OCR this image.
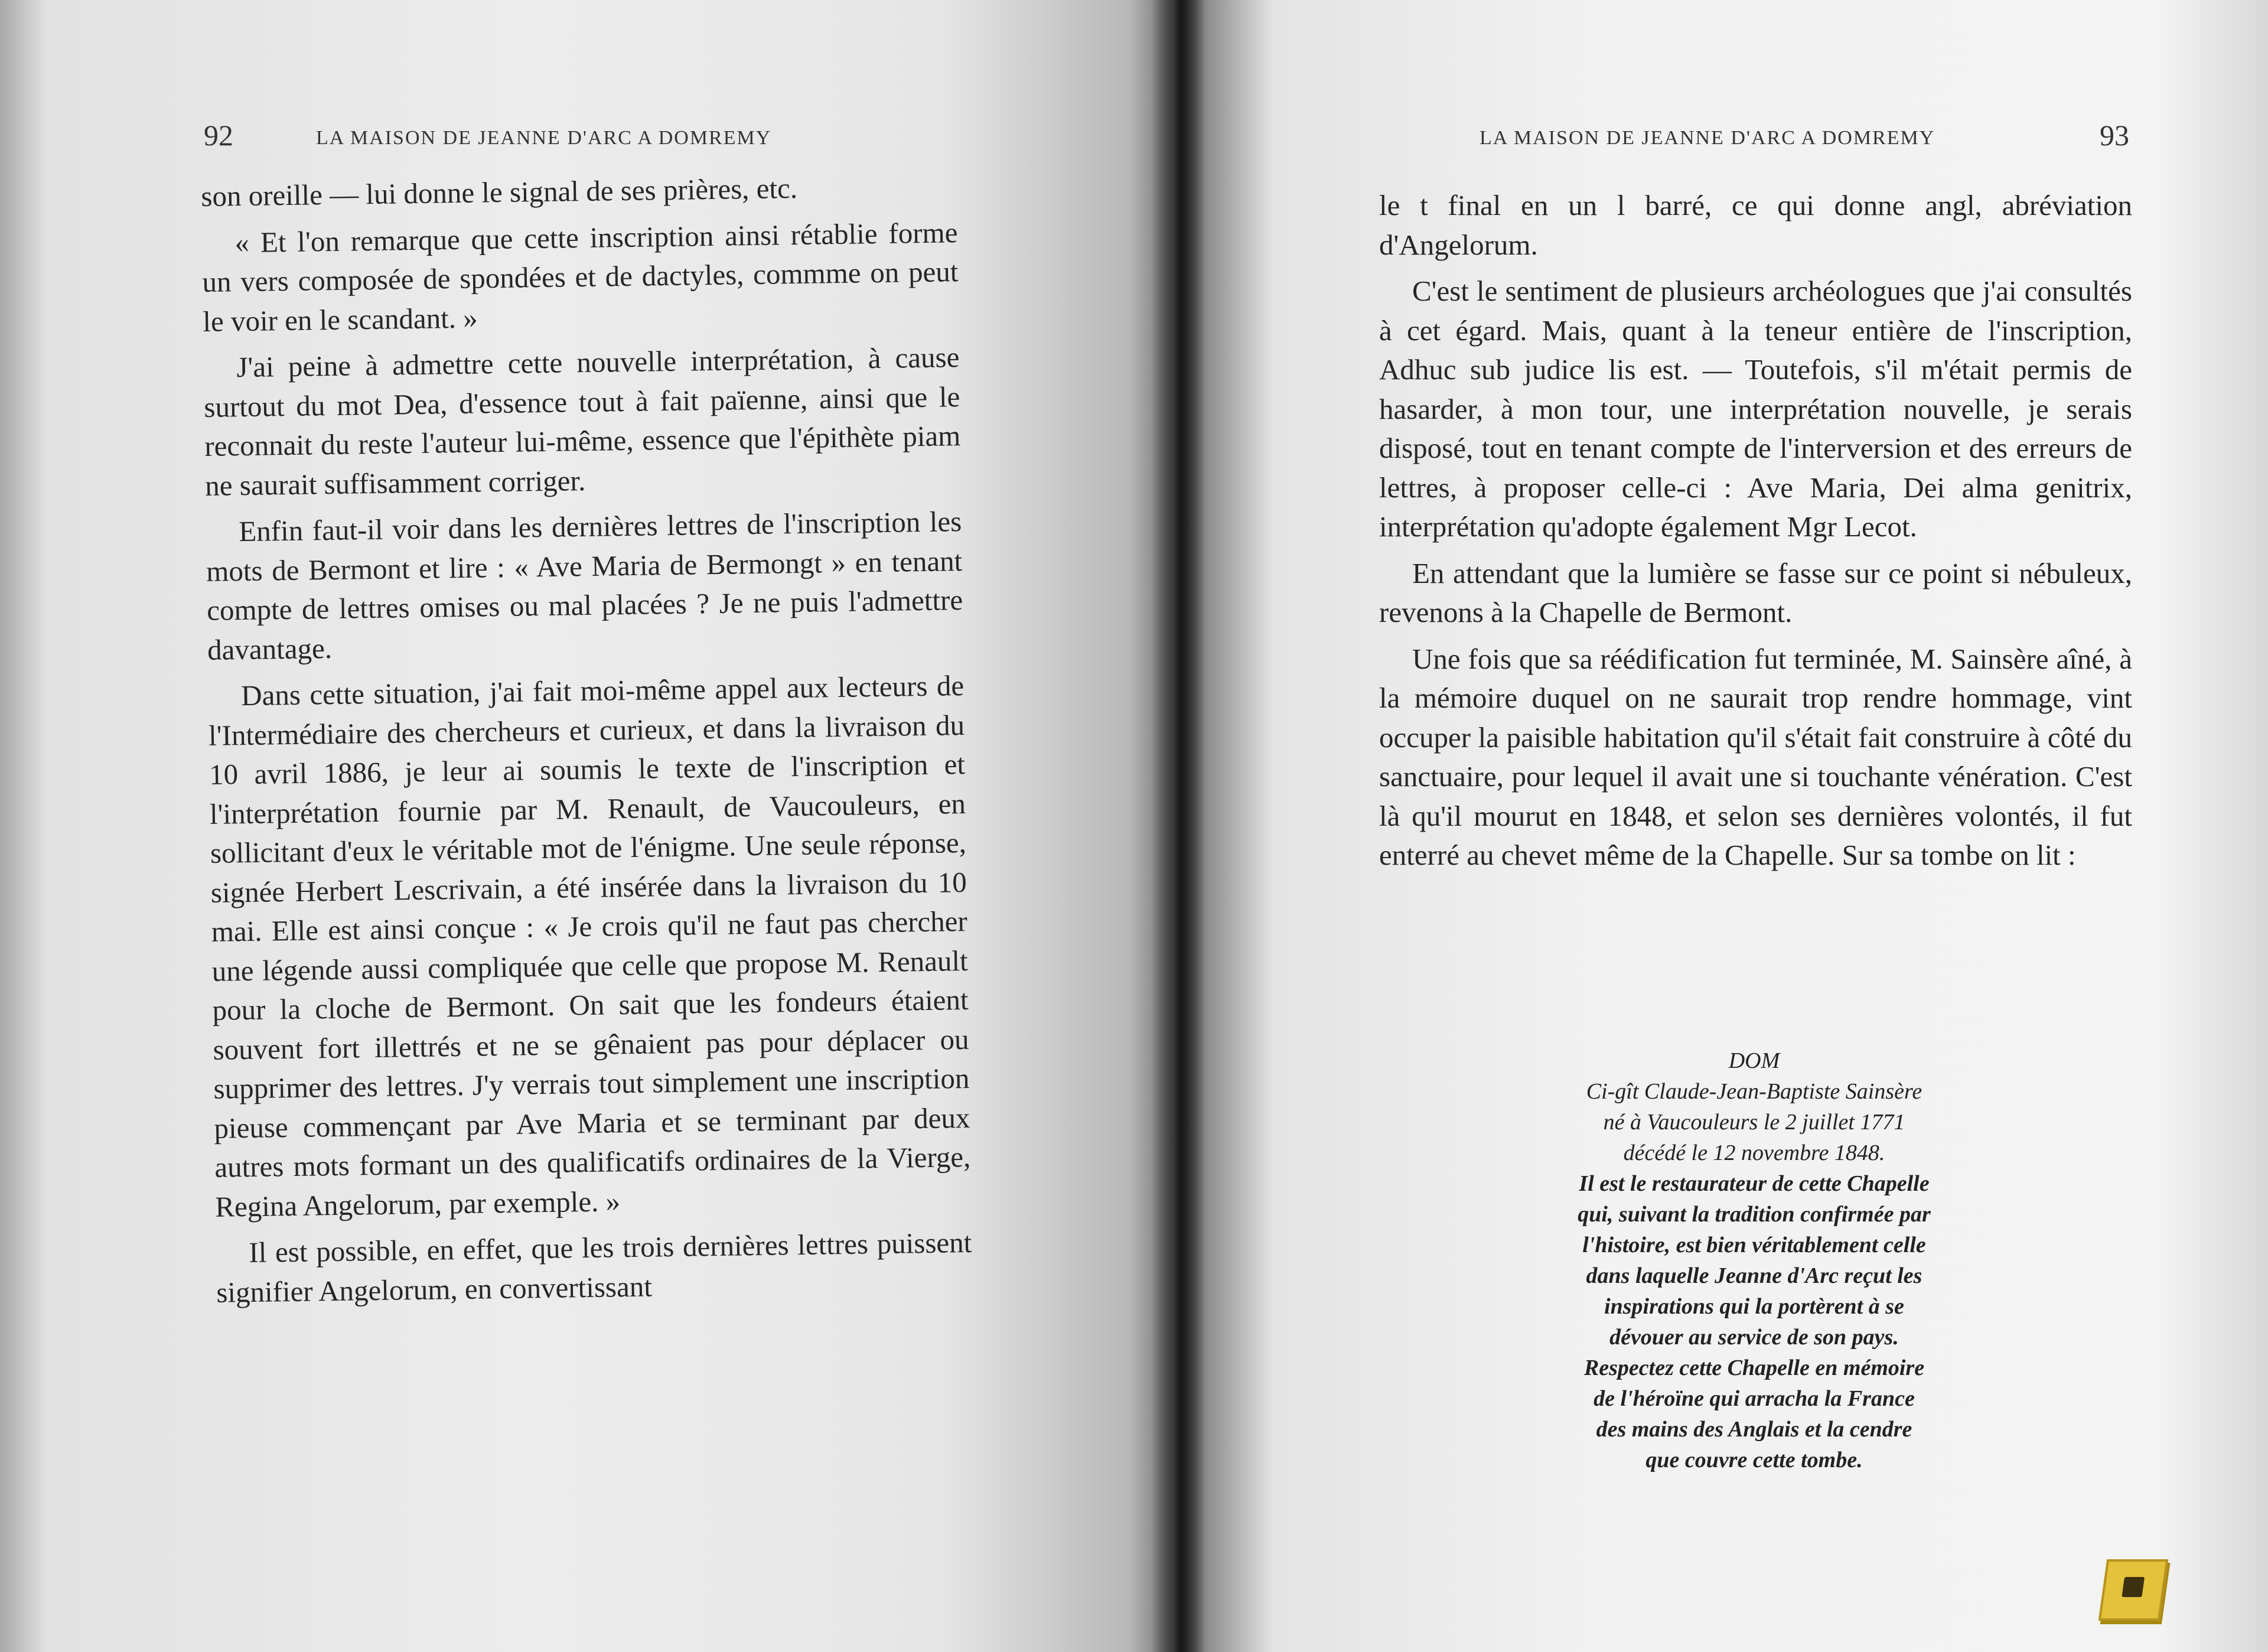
92	LA MAISON DE JEANNE D'ARC A DOMREMY

son oreille — lui donne le signal de ses prières, etc.

« Et l'on remarque que cette inscription ainsi rétablie forme un vers composée de spondées et de dactyles, commme on peut le voir en le scandant. »

J'ai peine à admettre cette nouvelle interprétation, à cause surtout du mot Dea, d'essence tout à fait païenne, ainsi que le reconnait du reste l'auteur lui-même, essence que l'épithète piam ne saurait suffisamment corriger.

Enfin faut-il voir dans les dernières lettres de l'inscription les mots de Bermont et lire : « Ave Maria de Bermongt » en tenant compte de lettres omises ou mal placées ? Je ne puis l'admettre davantage.

Dans cette situation, j'ai fait moi-même appel aux lecteurs de l'Intermédiaire des chercheurs et curieux, et dans la livraison du 10 avril 1886, je leur ai soumis le texte de l'inscription et l'interprétation fournie par M. Renault, de Vaucouleurs, en sollicitant d'eux le véritable mot de l'énigme. Une seule réponse, signée Herbert Lescrivain, a été insérée dans la livraison du 10 mai. Elle est ainsi conçue : « Je crois qu'il ne faut pas chercher une légende aussi compliquée que celle que propose M. Renault pour la cloche de Bermont. On sait que les fondeurs étaient souvent fort illettrés et ne se gênaient pas pour déplacer ou supprimer des lettres. J'y verrais tout simplement une inscription pieuse commençant par Ave Maria et se terminant par deux autres mots formant un des qualificatifs ordinaires de la Vierge, Regina Angelorum, par exemple. »

Il est possible, en effet, que les trois dernières lettres puissent signifier Angelorum, en convertissant

LA MAISON DE JEANNE D'ARC A DOMREMY	93

le t final en un l barré, ce qui donne angl, abréviation d'Angelorum.

C'est le sentiment de plusieurs archéologues que j'ai consultés à cet égard. Mais, quant à la teneur entière de l'inscription, Adhuc sub judice lis est. — Toutefois, s'il m'était permis de hasarder, à mon tour, une interprétation nouvelle, je serais disposé, tout en tenant compte de l'interversion et des erreurs de lettres, à proposer celle-ci : Ave Maria, Dei alma genitrix, interprétation qu'adopte également Mgr Lecot.

En attendant que la lumière se fasse sur ce point si nébuleux, revenons à la Chapelle de Bermont.

Une fois que sa réédification fut terminée, M. Sainsère aîné, à la mémoire duquel on ne saurait trop rendre hommage, vint occuper la paisible habitation qu'il s'était fait construire à côté du sanctuaire, pour lequel il avait une si touchante vénération. C'est là qu'il mourut en 1848, et selon ses dernières volontés, il fut enterré au chevet même de la Chapelle. Sur sa tombe on lit :

DOM
Ci-gît Claude-Jean-Baptiste Sainsère
né à Vaucouleurs le 2 juillet 1771
décédé le 12 novembre 1848.
Il est le restaurateur de cette Chapelle
qui, suivant la tradition confirmée par
l'histoire, est bien véritablement celle
dans laquelle Jeanne d'Arc reçut les
inspirations qui la portèrent à se
dévouer au service de son pays.
Respectez cette Chapelle en mémoire
de l'héroïne qui arracha la France
des mains des Anglais et la cendre
que couvre cette tombe.
